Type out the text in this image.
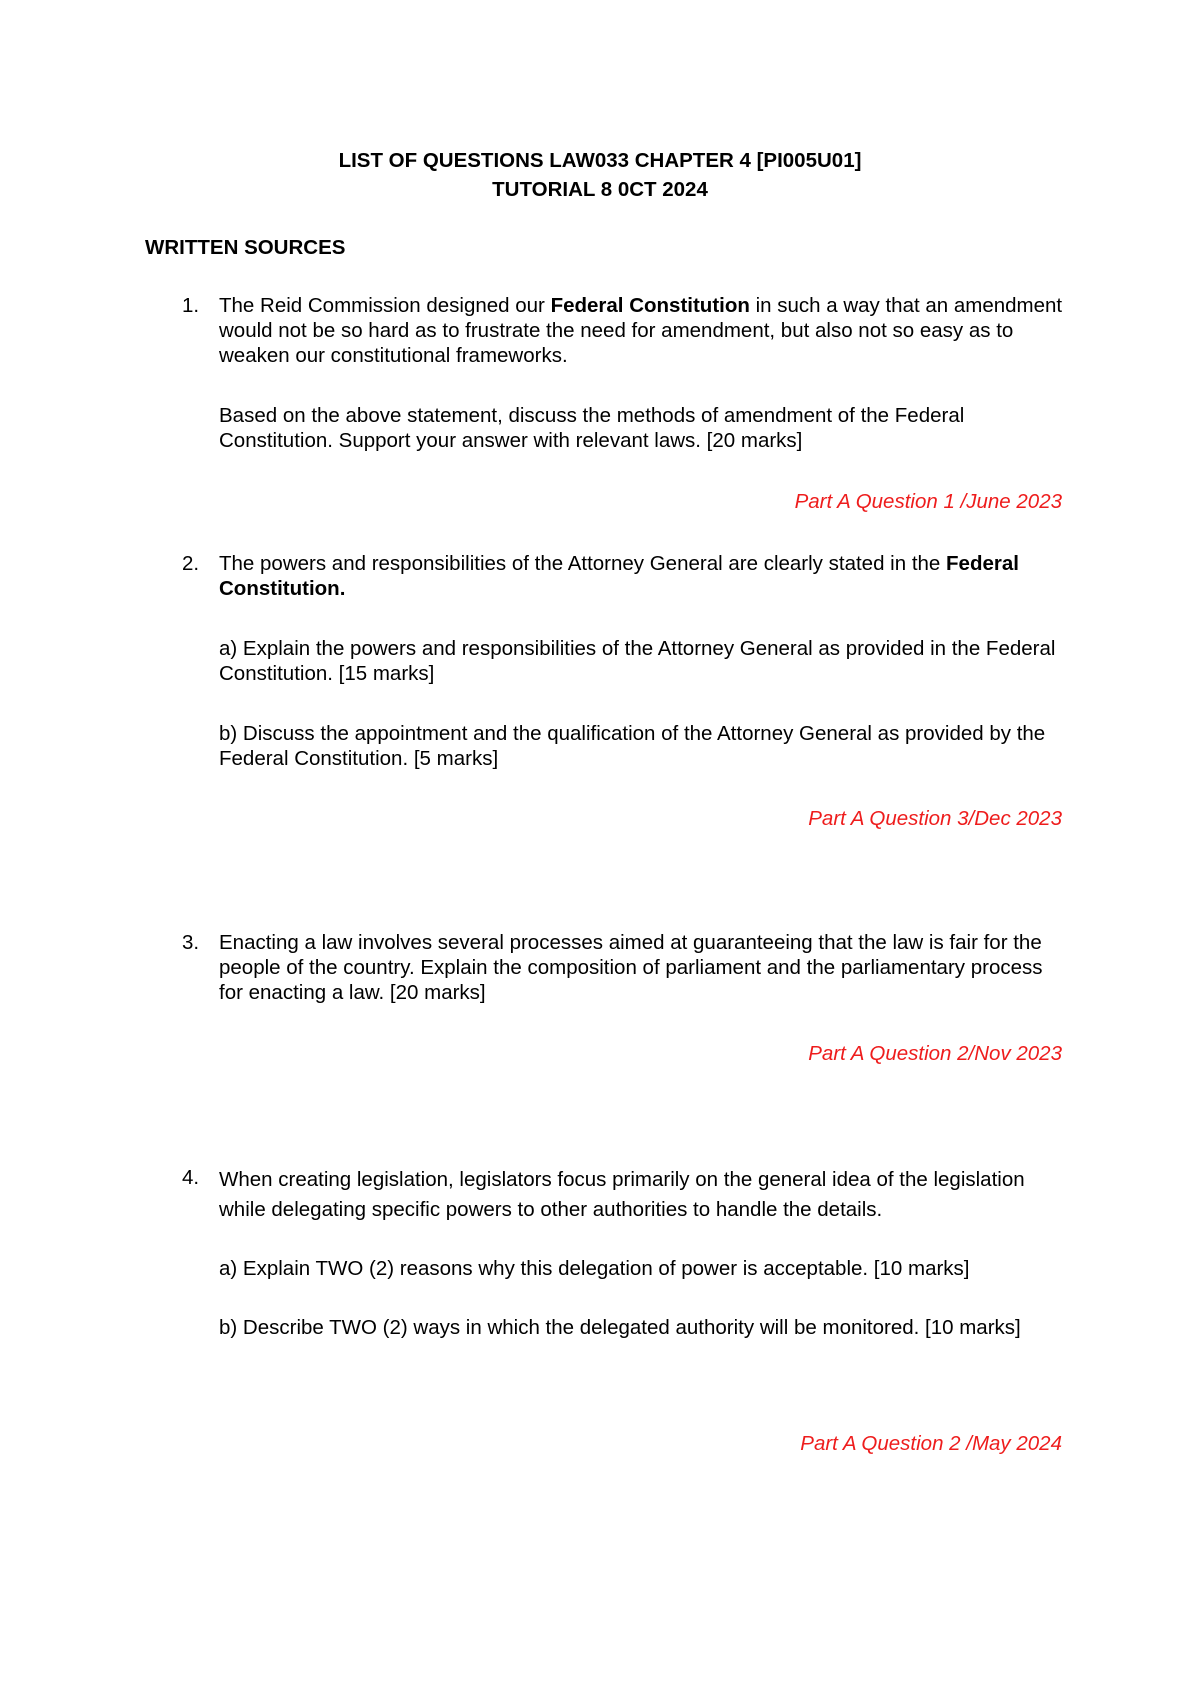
LIST OF QUESTIONS LAW033 CHAPTER 4 [PI005U01]
TUTORIAL 8 0CT 2024
WRITTEN SOURCES
1. The Reid Commission designed our Federal Constitution in such a way that an amendment would not be so hard as to frustrate the need for amendment, but also not so easy as to weaken our constitutional frameworks.

Based on the above statement, discuss the methods of amendment of the Federal Constitution. Support your answer with relevant laws. [20 marks]

Part A Question 1 /June 2023
2. The powers and responsibilities of the Attorney General are clearly stated in the Federal Constitution.

a) Explain the powers and responsibilities of the Attorney General as provided in the Federal Constitution. [15 marks]

b) Discuss the appointment and the qualification of the Attorney General as provided by the Federal Constitution. [5 marks]

Part A Question 3/Dec 2023
3. Enacting a law involves several processes aimed at guaranteeing that the law is fair for the people of the country. Explain the composition of parliament and the parliamentary process for enacting a law. [20 marks]

Part A Question 2/Nov 2023
4. When creating legislation, legislators focus primarily on the general idea of the legislation while delegating specific powers to other authorities to handle the details.

a) Explain TWO (2) reasons why this delegation of power is acceptable. [10 marks]

b) Describe TWO (2) ways in which the delegated authority will be monitored. [10 marks]

Part A Question 2 /May 2024
